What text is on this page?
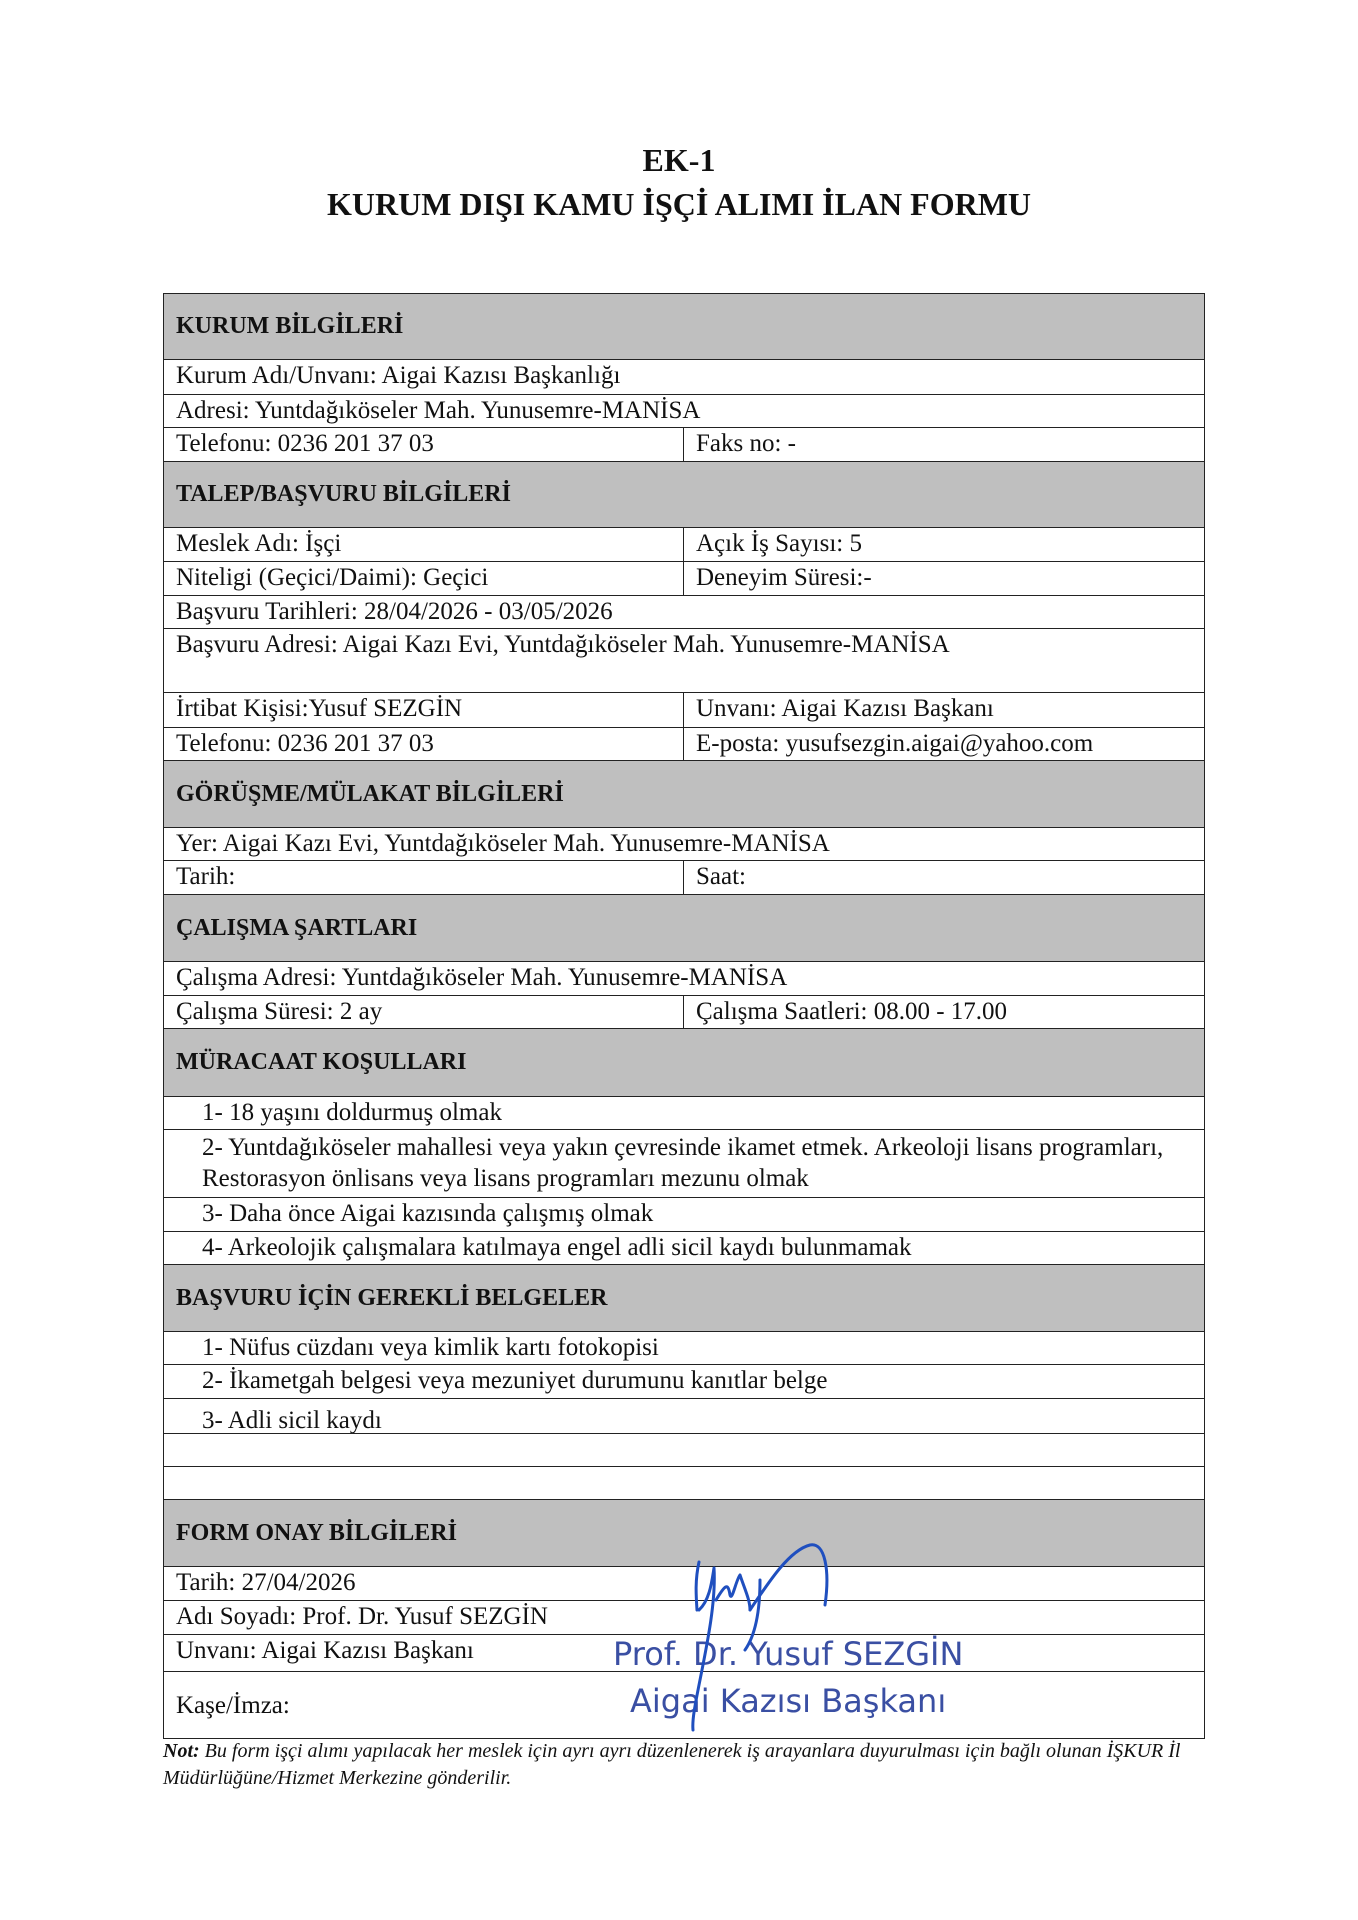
EK-1
KURUM DIŞI KAMU İŞÇİ ALIMI İLAN FORMU
KURUM BİLGİLERİ
Kurum Adı/Unvanı: Aigai Kazısı Başkanlığı
Adresi: Yuntdağıköseler Mah. Yunusemre-MANİSA
Telefonu: 0236 201 37 03	Faks no: -
TALEP/BAŞVURU BİLGİLERİ
Meslek Adı: İşçi	Açık İş Sayısı: 5
Niteligi (Geçici/Daimi): Geçici	Deneyim Süresi:-
Başvuru Tarihleri: 28/04/2026 - 03/05/2026
Başvuru Adresi: Aigai Kazı Evi, Yuntdağıköseler Mah. Yunusemre-MANİSA
İrtibat Kişisi:Yusuf SEZGİN	Unvanı: Aigai Kazısı Başkanı
Telefonu: 0236 201 37 03	E-posta: yusufsezgin.aigai@yahoo.com
GÖRÜŞME/MÜLAKAT BİLGİLERİ
Yer: Aigai Kazı Evi, Yuntdağıköseler Mah. Yunusemre-MANİSA
Tarih:	Saat:
ÇALIŞMA ŞARTLARI
Çalışma Adresi: Yuntdağıköseler Mah. Yunusemre-MANİSA
Çalışma Süresi: 2 ay	Çalışma Saatleri: 08.00 - 17.00
MÜRACAAT KOŞULLARI
1- 18 yaşını doldurmuş olmak
2- Yuntdağıköseler mahallesi veya yakın çevresinde ikamet etmek. Arkeoloji lisans programları, Restorasyon önlisans veya lisans programları mezunu olmak
3- Daha önce Aigai kazısında çalışmış olmak
4- Arkeolojik çalışmalara katılmaya engel adli sicil kaydı bulunmamak
BAŞVURU İÇİN GEREKLİ BELGELER
1- Nüfus cüzdanı veya kimlik kartı fotokopisi
2- İkametgah belgesi veya mezuniyet durumunu kanıtlar belge
3- Adli sicil kaydı
FORM ONAY BİLGİLERİ
Tarih: 27/04/2026
Adı Soyadı: Prof. Dr. Yusuf SEZGİN
Unvanı: Aigai Kazısı Başkanı
Kaşe/İmza:
Prof. Dr. Yusuf SEZGİN
Aigai Kazısı Başkanı
Not: Bu form işçi alımı yapılacak her meslek için ayrı ayrı düzenlenerek iş arayanlara duyurulması için bağlı olunan İŞKUR İl Müdürlüğüne/Hizmet Merkezine gönderilir.
